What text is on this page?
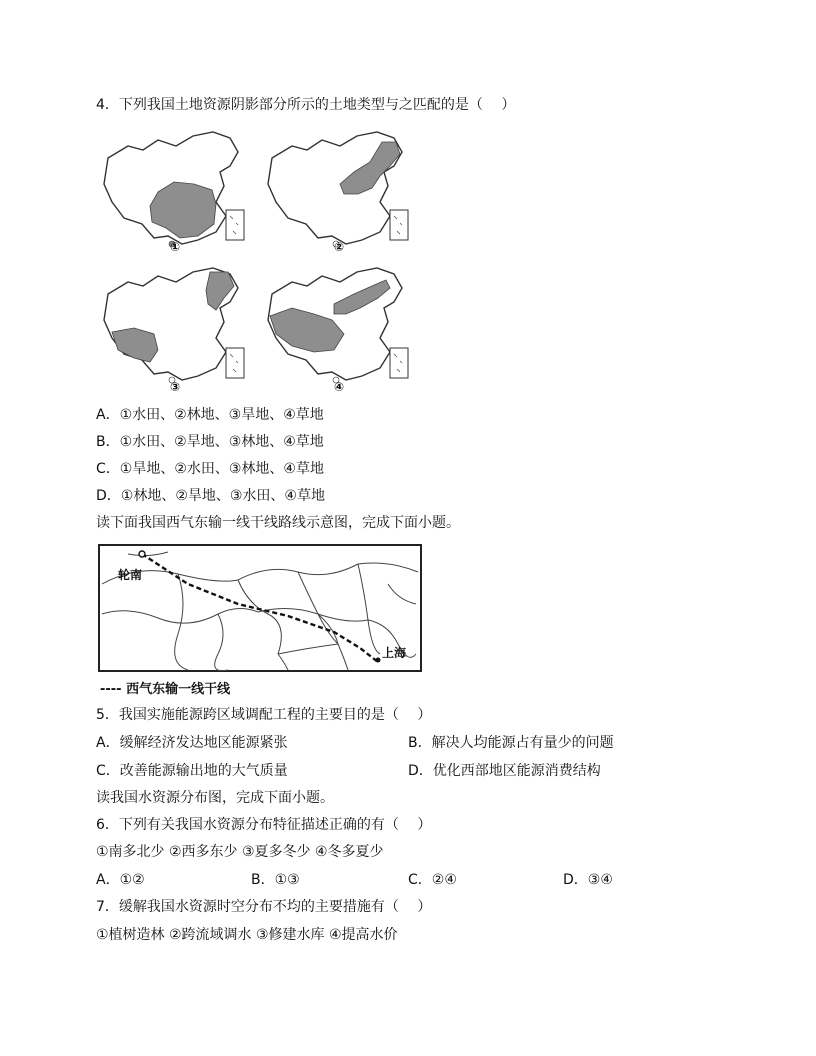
4．下列我国土地资源阴影部分所示的土地类型与之匹配的是（　 ）
①	②
③	④
A．①水田、②林地、③旱地、④草地
B．①水田、②旱地、③林地、④草地
C．①旱地、②水田、③林地、④草地
D．①林地、②旱地、③水田、④草地
读下面我国西气东输一线干线路线示意图，完成下面小题。
轮南
上海
---- 西气东输一线干线
5．我国实施能源跨区域调配工程的主要目的是（　 ）
A．缓解经济发达地区能源紧张	B．解决人均能源占有量少的问题
C．改善能源输出地的大气质量	D．优化西部地区能源消费结构
读我国水资源分布图，完成下面小题。
6．下列有关我国水资源分布特征描述正确的有（　 ）
①南多北少 ②西多东少 ③夏多冬少 ④冬多夏少
A．①②	B．①③	C．②④	D．③④
7．缓解我国水资源时空分布不均的主要措施有（　 ）
①植树造林 ②跨流域调水 ③修建水库 ④提高水价
